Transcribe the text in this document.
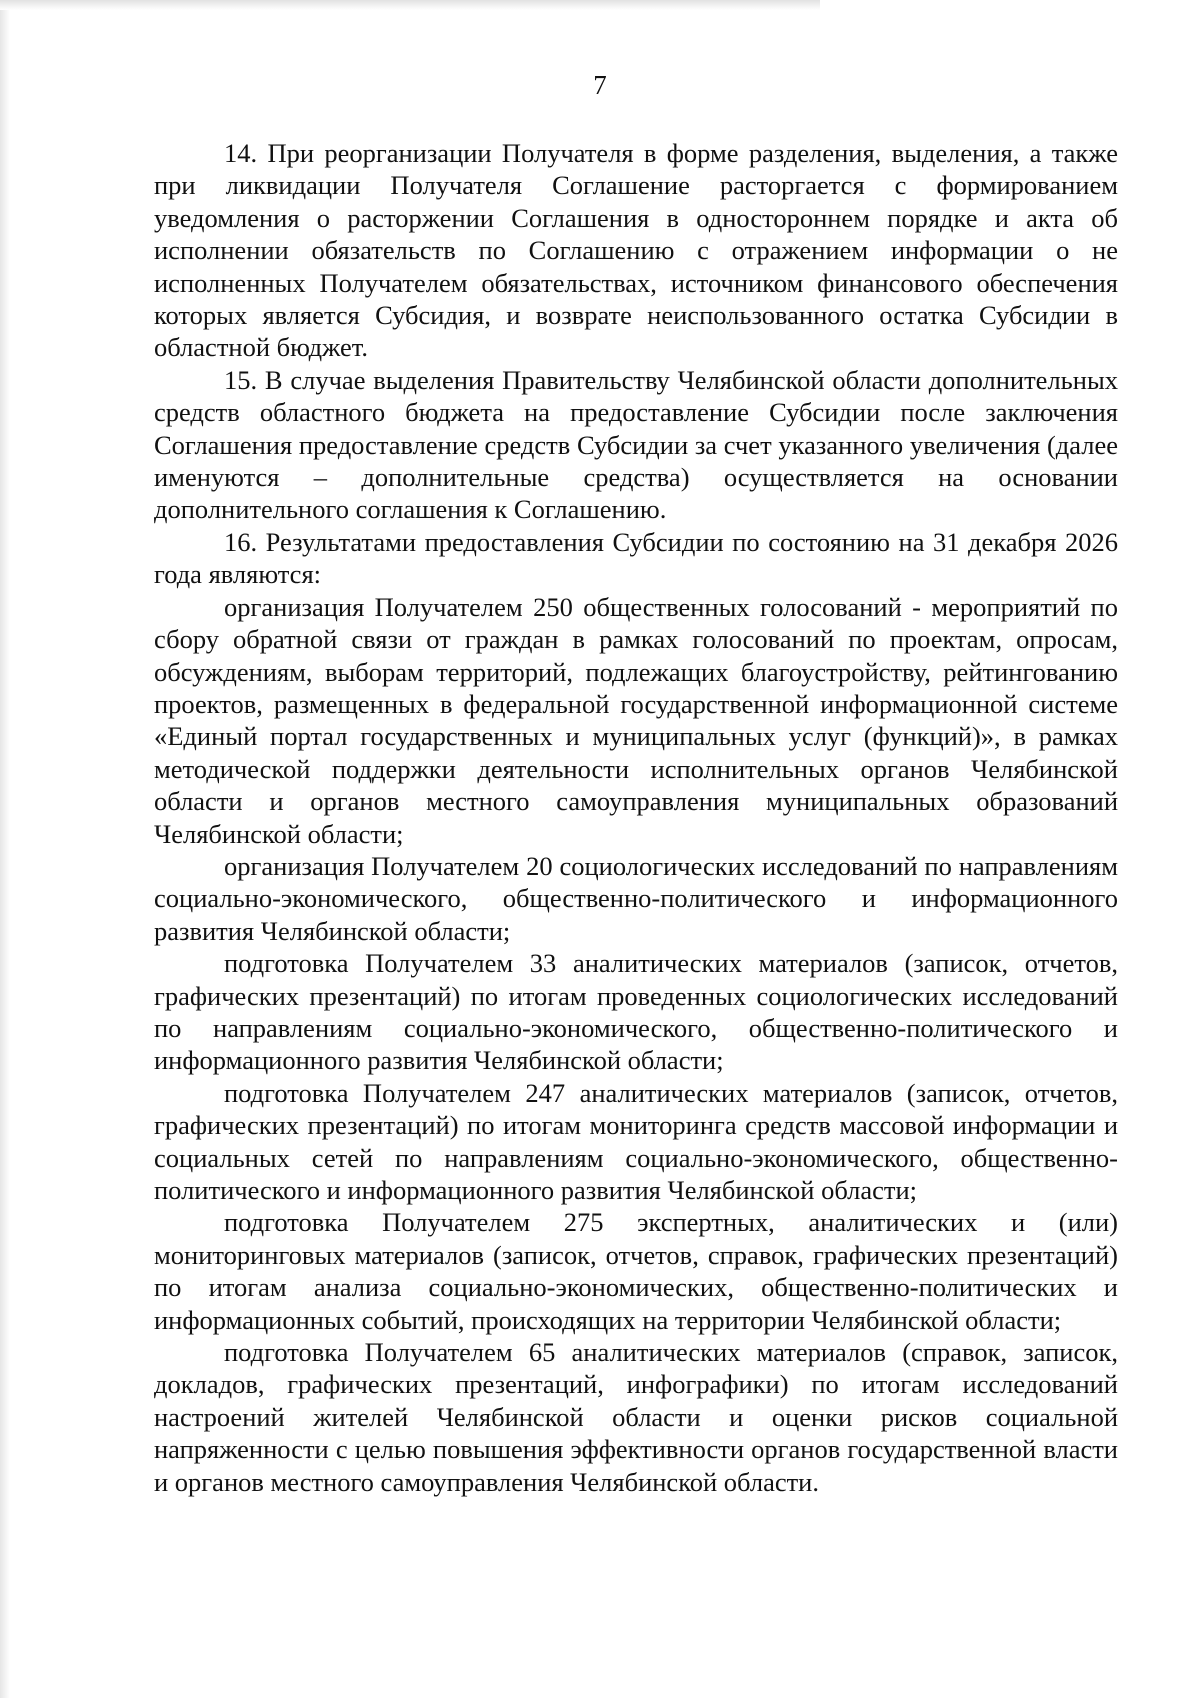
7

14. При реорганизации Получателя в форме разделения, выделения, а также при ликвидации Получателя Соглашение расторгается с формированием уведомления о расторжении Соглашения в одностороннем порядке и акта об исполнении обязательств по Соглашению с отражением информации о не исполненных Получателем обязательствах, источником финансового обеспечения которых является Субсидия, и возврате неиспользованного остатка Субсидии в областной бюджет.

15. В случае выделения Правительству Челябинской области дополнительных средств областного бюджета на предоставление Субсидии после заключения Соглашения предоставление средств Субсидии за счет указанного увеличения (далее именуются – дополнительные средства) осуществляется на основании дополнительного соглашения к Соглашению.

16. Результатами предоставления Субсидии по состоянию на 31 декабря 2026 года являются:

организация Получателем 250 общественных голосований - мероприятий по сбору обратной связи от граждан в рамках голосований по проектам, опросам, обсуждениям, выборам территорий, подлежащих благоустройству, рейтингованию проектов, размещенных в федеральной государственной информационной системе «Единый портал государственных и муниципальных услуг (функций)», в рамках методической поддержки деятельности исполнительных органов Челябинской области и органов местного самоуправления муниципальных образований Челябинской области;

организация Получателем 20 социологических исследований по направлениям социально-экономического, общественно-политического и информационного развития Челябинской области;

подготовка Получателем 33 аналитических материалов (записок, отчетов, графических презентаций) по итогам проведенных социологических исследований по направлениям социально-экономического, общественно-политического и информационного развития Челябинской области;

подготовка Получателем 247 аналитических материалов (записок, отчетов, графических презентаций) по итогам мониторинга средств массовой информации и социальных сетей по направлениям социально-экономического, общественно-политического и информационного развития Челябинской области;

подготовка Получателем 275 экспертных, аналитических и (или) мониторинговых материалов (записок, отчетов, справок, графических презентаций) по итогам анализа социально-экономических, общественно-политических и информационных событий, происходящих на территории Челябинской области;

подготовка Получателем 65 аналитических материалов (справок, записок, докладов, графических презентаций, инфографики) по итогам исследований настроений жителей Челябинской области и оценки рисков социальной напряженности с целью повышения эффективности органов государственной власти и органов местного самоуправления Челябинской области.
